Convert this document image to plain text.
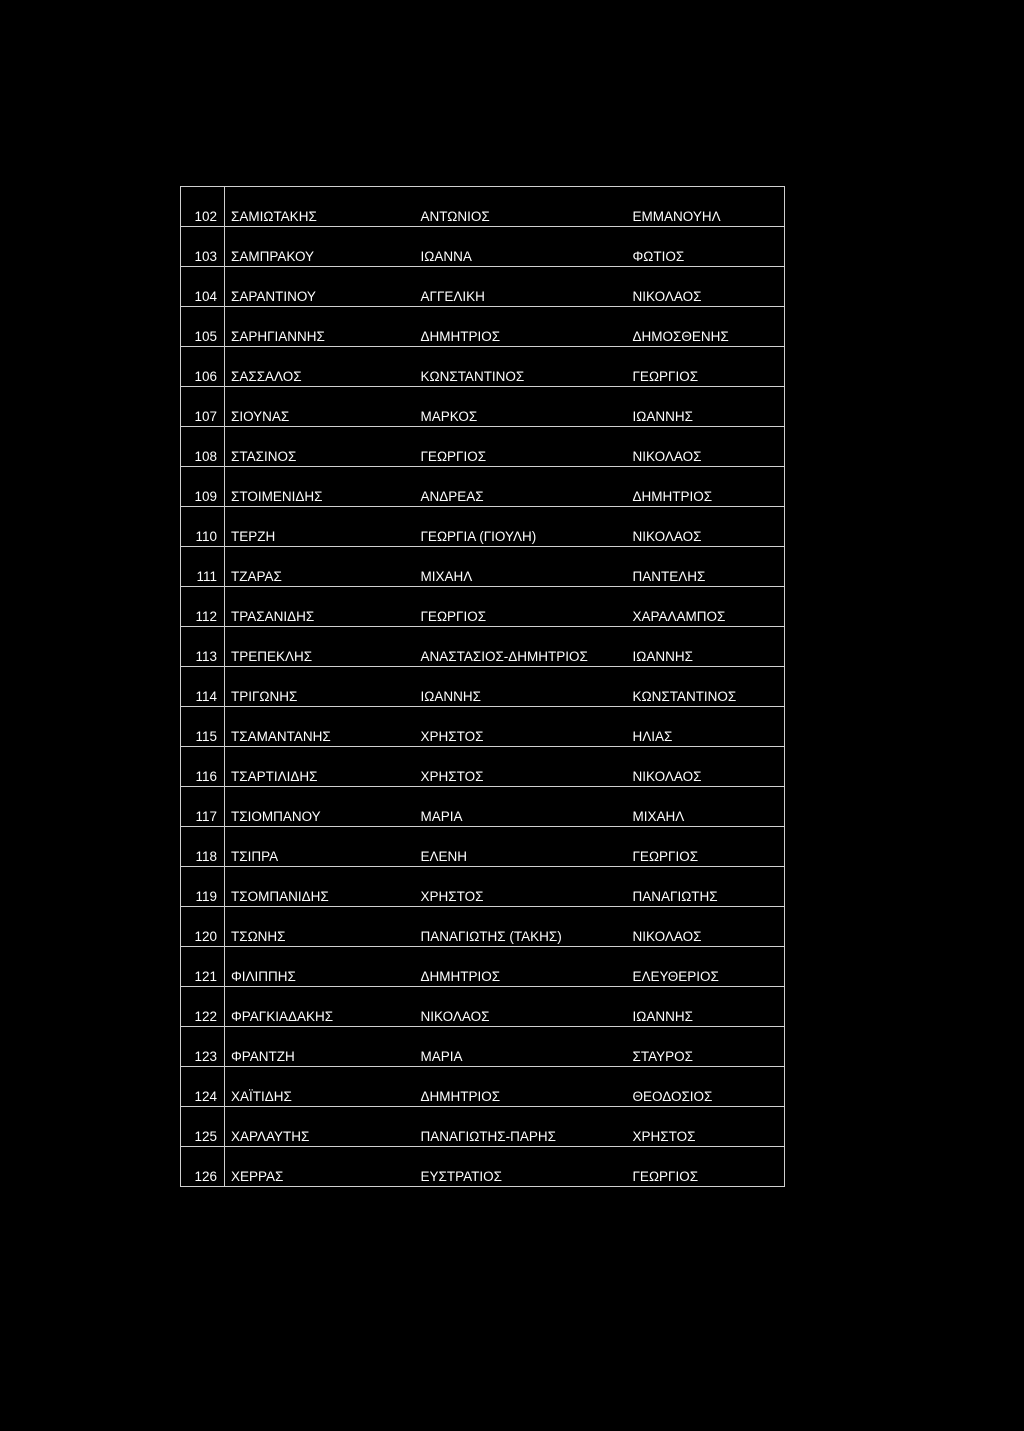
102	ΣΑΜΙΩΤΑΚΗΣ	ΑΝΤΩΝΙΟΣ	ΕΜΜΑΝΟΥΗΛ
103	ΣΑΜΠΡΑΚΟΥ	ΙΩΑΝΝΑ	ΦΩΤΙΟΣ
104	ΣΑΡΑΝΤΙΝΟΥ	ΑΓΓΕΛΙΚΗ	ΝΙΚΟΛΑΟΣ
105	ΣΑΡΗΓΙΑΝΝΗΣ	ΔΗΜΗΤΡΙΟΣ	ΔΗΜΟΣΘΕΝΗΣ
106	ΣΑΣΣΑΛΟΣ	ΚΩΝΣΤΑΝΤΙΝΟΣ	ΓΕΩΡΓΙΟΣ
107	ΣΙΟΥΝΑΣ	ΜΑΡΚΟΣ	ΙΩΑΝΝΗΣ
108	ΣΤΑΣΙΝΟΣ	ΓΕΩΡΓΙΟΣ	ΝΙΚΟΛΑΟΣ
109	ΣΤΟΙΜΕΝΙΔΗΣ	ΑΝΔΡΕΑΣ	ΔΗΜΗΤΡΙΟΣ
110	ΤΕΡΖΗ	ΓΕΩΡΓΙΑ (ΓΙΟΥΛΗ)	ΝΙΚΟΛΑΟΣ
111	ΤΖΑΡΑΣ	ΜΙΧΑΗΛ	ΠΑΝΤΕΛΗΣ
112	ΤΡΑΣΑΝΙΔΗΣ	ΓΕΩΡΓΙΟΣ	ΧΑΡΑΛΑΜΠΟΣ
113	ΤΡΕΠΕΚΛΗΣ	ΑΝΑΣΤΑΣΙΟΣ-ΔΗΜΗΤΡΙΟΣ	ΙΩΑΝΝΗΣ
114	ΤΡΙΓΩΝΗΣ	ΙΩΑΝΝΗΣ	ΚΩΝΣΤΑΝΤΙΝΟΣ
115	ΤΣΑΜΑΝΤΑΝΗΣ	ΧΡΗΣΤΟΣ	ΗΛΙΑΣ
116	ΤΣΑΡΤΙΛΙΔΗΣ	ΧΡΗΣΤΟΣ	ΝΙΚΟΛΑΟΣ
117	ΤΣΙΟΜΠΑΝΟΥ	ΜΑΡΙΑ	ΜΙΧΑΗΛ
118	ΤΣΙΠΡΑ	ΕΛΕΝΗ	ΓΕΩΡΓΙΟΣ
119	ΤΣΟΜΠΑΝΙΔΗΣ	ΧΡΗΣΤΟΣ	ΠΑΝΑΓΙΩΤΗΣ
120	ΤΣΩΝΗΣ	ΠΑΝΑΓΙΩΤΗΣ (ΤΑΚΗΣ)	ΝΙΚΟΛΑΟΣ
121	ΦΙΛΙΠΠΗΣ	ΔΗΜΗΤΡΙΟΣ	ΕΛΕΥΘΕΡΙΟΣ
122	ΦΡΑΓΚΙΑΔΑΚΗΣ	ΝΙΚΟΛΑΟΣ	ΙΩΑΝΝΗΣ
123	ΦΡΑΝΤΖΗ	ΜΑΡΙΑ	ΣΤΑΥΡΟΣ
124	ΧΑΪΤΙΔΗΣ	ΔΗΜΗΤΡΙΟΣ	ΘΕΟΔΟΣΙΟΣ
125	ΧΑΡΛΑΥΤΗΣ	ΠΑΝΑΓΙΩΤΗΣ-ΠΑΡΗΣ	ΧΡΗΣΤΟΣ
126	ΧΕΡΡΑΣ	ΕΥΣΤΡΑΤΙΟΣ	ΓΕΩΡΓΙΟΣ
